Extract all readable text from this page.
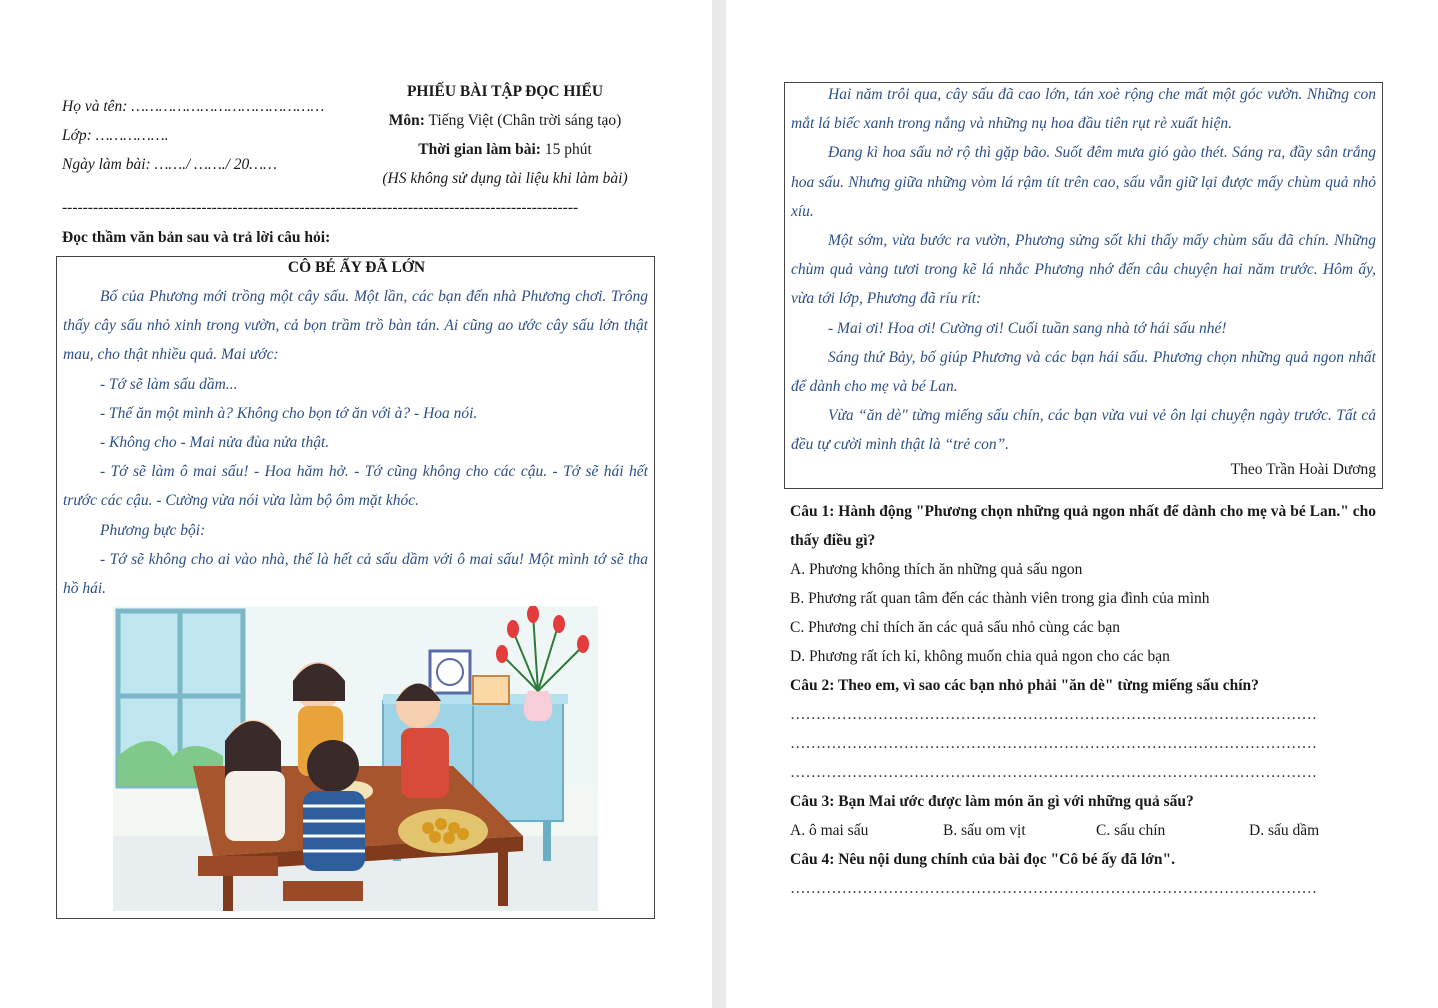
Họ và tên: ……………………………………
Lớp: …………….
Ngày làm bài: ……./ ……./ 20……
PHIẾU BÀI TẬP ĐỌC HIỂU
Môn: Tiếng Việt (Chân trời sáng tạo)
Thời gian làm bài: 15 phút
(HS không sử dụng tài liệu khi làm bài)
----------------------------------------------------------------------------------------------------
Đọc thầm văn bản sau và trả lời câu hỏi:
CÔ BÉ ẤY ĐÃ LỚN

Bố của Phương mới trồng một cây sấu. Một lần, các bạn đến nhà Phương chơi. Trông thấy cây sấu nhỏ xinh trong vườn, cả bọn trầm trồ bàn tán. Ai cũng ao ước cây sấu lớn thật mau, cho thật nhiều quả. Mai ước:

- Tớ sẽ làm sấu dầm...

- Thế ăn một mình à? Không cho bọn tớ ăn với à? - Hoa nói.

- Không cho - Mai nửa đùa nửa thật.

- Tớ sẽ làm ô mai sấu! - Hoa hăm hở. - Tớ cũng không cho các cậu. - Tớ sẽ hái hết trước các cậu. - Cường vừa nói vừa làm bộ ôm mặt khóc.

Phương bực bội:

- Tớ sẽ không cho ai vào nhà, thế là hết cả sấu dầm với ô mai sấu! Một mình tớ sẽ tha hồ hái.

Hai năm trôi qua, cây sấu đã cao lớn, tán xoè rộng che mất một góc vườn. Những con mắt lá biếc xanh trong nắng và những nụ hoa đầu tiên rụt rè xuất hiện.

Đang kì hoa sấu nở rộ thì gặp bão. Suốt đêm mưa gió gào thét. Sáng ra, đầy sân trắng hoa sấu. Nhưng giữa những vòm lá rậm tít trên cao, sấu vẫn giữ lại được mấy chùm quả nhỏ xíu.

Một sớm, vừa bước ra vườn, Phương sửng sốt khi thấy mấy chùm sấu đã chín. Những chùm quả vàng tươi trong kẽ lá nhắc Phương nhớ đến câu chuyện hai năm trước. Hôm ấy, vừa tới lớp, Phương đã ríu rít:

- Mai ơi! Hoa ơi! Cường ơi! Cuối tuần sang nhà tớ hái sấu nhé!

Sáng thứ Bảy, bố giúp Phương và các bạn hái sấu. Phương chọn những quả ngon nhất để dành cho mẹ và bé Lan.

Vừa “ăn dè" từng miếng sấu chín, các bạn vừa vui vẻ ôn lại chuyện ngày trước. Tất cả đều tự cười mình thật là “trẻ con”.

Theo Trần Hoài Dương

Câu 1: Hành động "Phương chọn những quả ngon nhất để dành cho mẹ và bé Lan." cho thấy điều gì?

A. Phương không thích ăn những quả sấu ngon

B. Phương rất quan tâm đến các thành viên trong gia đình của mình

C. Phương chỉ thích ăn các quả sấu nhỏ cùng các bạn

D. Phương rất ích kỉ, không muốn chia quả ngon cho các bạn

Câu 2: Theo em, vì sao các bạn nhỏ phải "ăn dè" từng miếng sấu chín?

…………………………………………………………………………………………

…………………………………………………………………………………………

…………………………………………………………………………………………

Câu 3: Bạn Mai ước được làm món ăn gì với những quả sấu?

A. ô mai sấu	B. sấu om vịt	C. sấu chín	D. sấu dầm

Câu 4: Nêu nội dung chính của bài đọc "Cô bé ấy đã lớn".

…………………………………………………………………………………………
